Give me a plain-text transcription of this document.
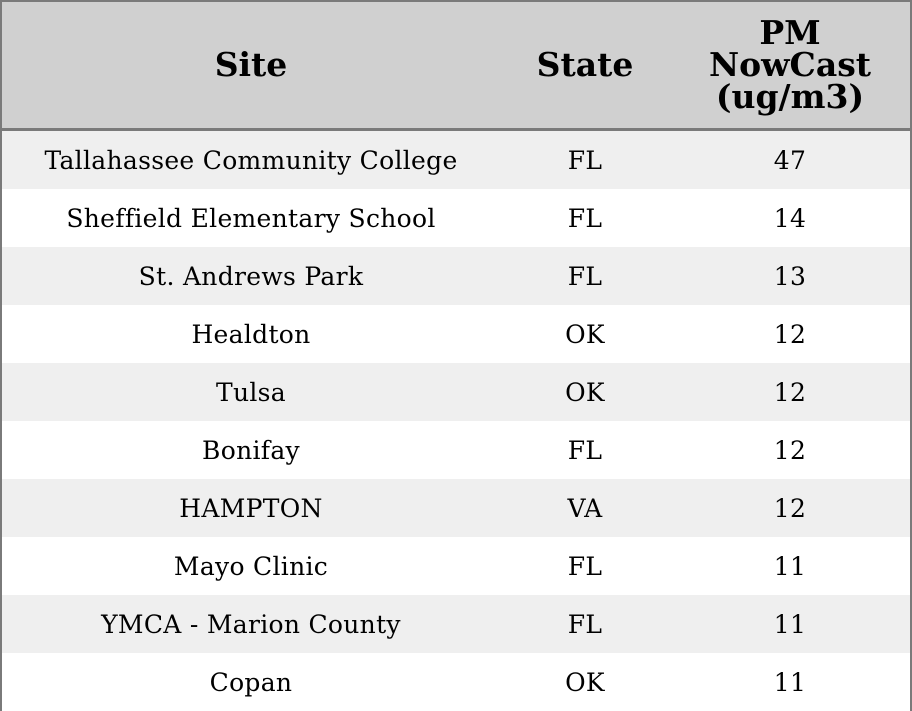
Site	State	PM
NowCast
(ug/m3)
Tallahassee Community College	FL	47
Sheffield Elementary School	FL	14
St. Andrews Park	FL	13
Healdton	OK	12
Tulsa	OK	12
Bonifay	FL	12
HAMPTON	VA	12
Mayo Clinic	FL	11
YMCA - Marion County	FL	11
Copan	OK	11
